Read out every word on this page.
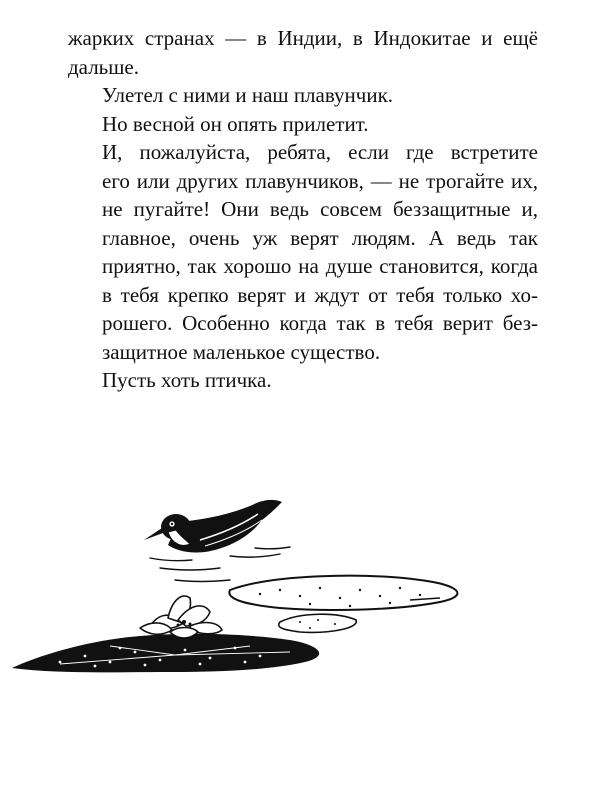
жарких странах — в Индии, в Индокитае и ещё
дальше.

Улетел с ними и наш плавунчик.

Но весной он опять прилетит.

И, пожалуйста, ребята, если где встретите
его или других плавунчиков, — не трогайте их,
не пугайте! Они ведь совсем беззащитные и,
главное, очень уж верят людям. А ведь так
приятно, так хорошо на душе становится, когда
в тебя крепко верят и ждут от тебя только хо-
рошего. Особенно когда так в тебя верит без-
защитное маленькое существо.

Пусть хоть птичка.
